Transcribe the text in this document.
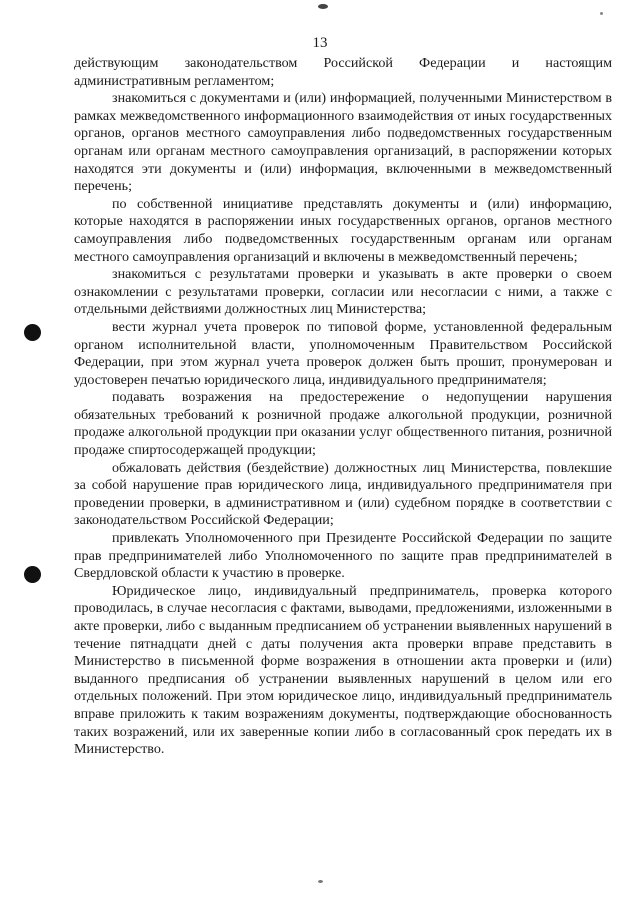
13

действующим законодательством Российской Федерации и настоящим административным регламентом;

знакомиться с документами и (или) информацией, полученными Министерством в рамках межведомственного информационного взаимодействия от иных государственных органов, органов местного самоуправления либо подведомственных государственным органам или органам местного самоуправления организаций, в распоряжении которых находятся эти документы и (или) информация, включенными в межведомственный перечень;

по собственной инициативе представлять документы и (или) информацию, которые находятся в распоряжении иных государственных органов, органов местного самоуправления либо подведомственных государственным органам или органам местного самоуправления организаций и включены в межведомственный перечень;

знакомиться с результатами проверки и указывать в акте проверки о своем ознакомлении с результатами проверки, согласии или несогласии с ними, а также с отдельными действиями должностных лиц Министерства;

вести журнал учета проверок по типовой форме, установленной федеральным органом исполнительной власти, уполномоченным Правительством Российской Федерации, при этом журнал учета проверок должен быть прошит, пронумерован и удостоверен печатью юридического лица, индивидуального предпринимателя;

подавать возражения на предостережение о недопущении нарушения обязательных требований к розничной продаже алкогольной продукции, розничной продаже алкогольной продукции при оказании услуг общественного питания, розничной продаже спиртосодержащей продукции;

обжаловать действия (бездействие) должностных лиц Министерства, повлекшие за собой нарушение прав юридического лица, индивидуального предпринимателя при проведении проверки, в административном и (или) судебном порядке в соответствии с законодательством Российской Федерации;

привлекать Уполномоченного при Президенте Российской Федерации по защите прав предпринимателей либо Уполномоченного по защите прав предпринимателей в Свердловской области к участию в проверке.

Юридическое лицо, индивидуальный предприниматель, проверка которого проводилась, в случае несогласия с фактами, выводами, предложениями, изложенными в акте проверки, либо с выданным предписанием об устранении выявленных нарушений в течение пятнадцати дней с даты получения акта проверки вправе представить в Министерство в письменной форме возражения в отношении акта проверки и (или) выданного предписания об устранении выявленных нарушений в целом или его отдельных положений. При этом юридическое лицо, индивидуальный предприниматель вправе приложить к таким возражениям документы, подтверждающие обоснованность таких возражений, или их заверенные копии либо в согласованный срок передать их в Министерство.
